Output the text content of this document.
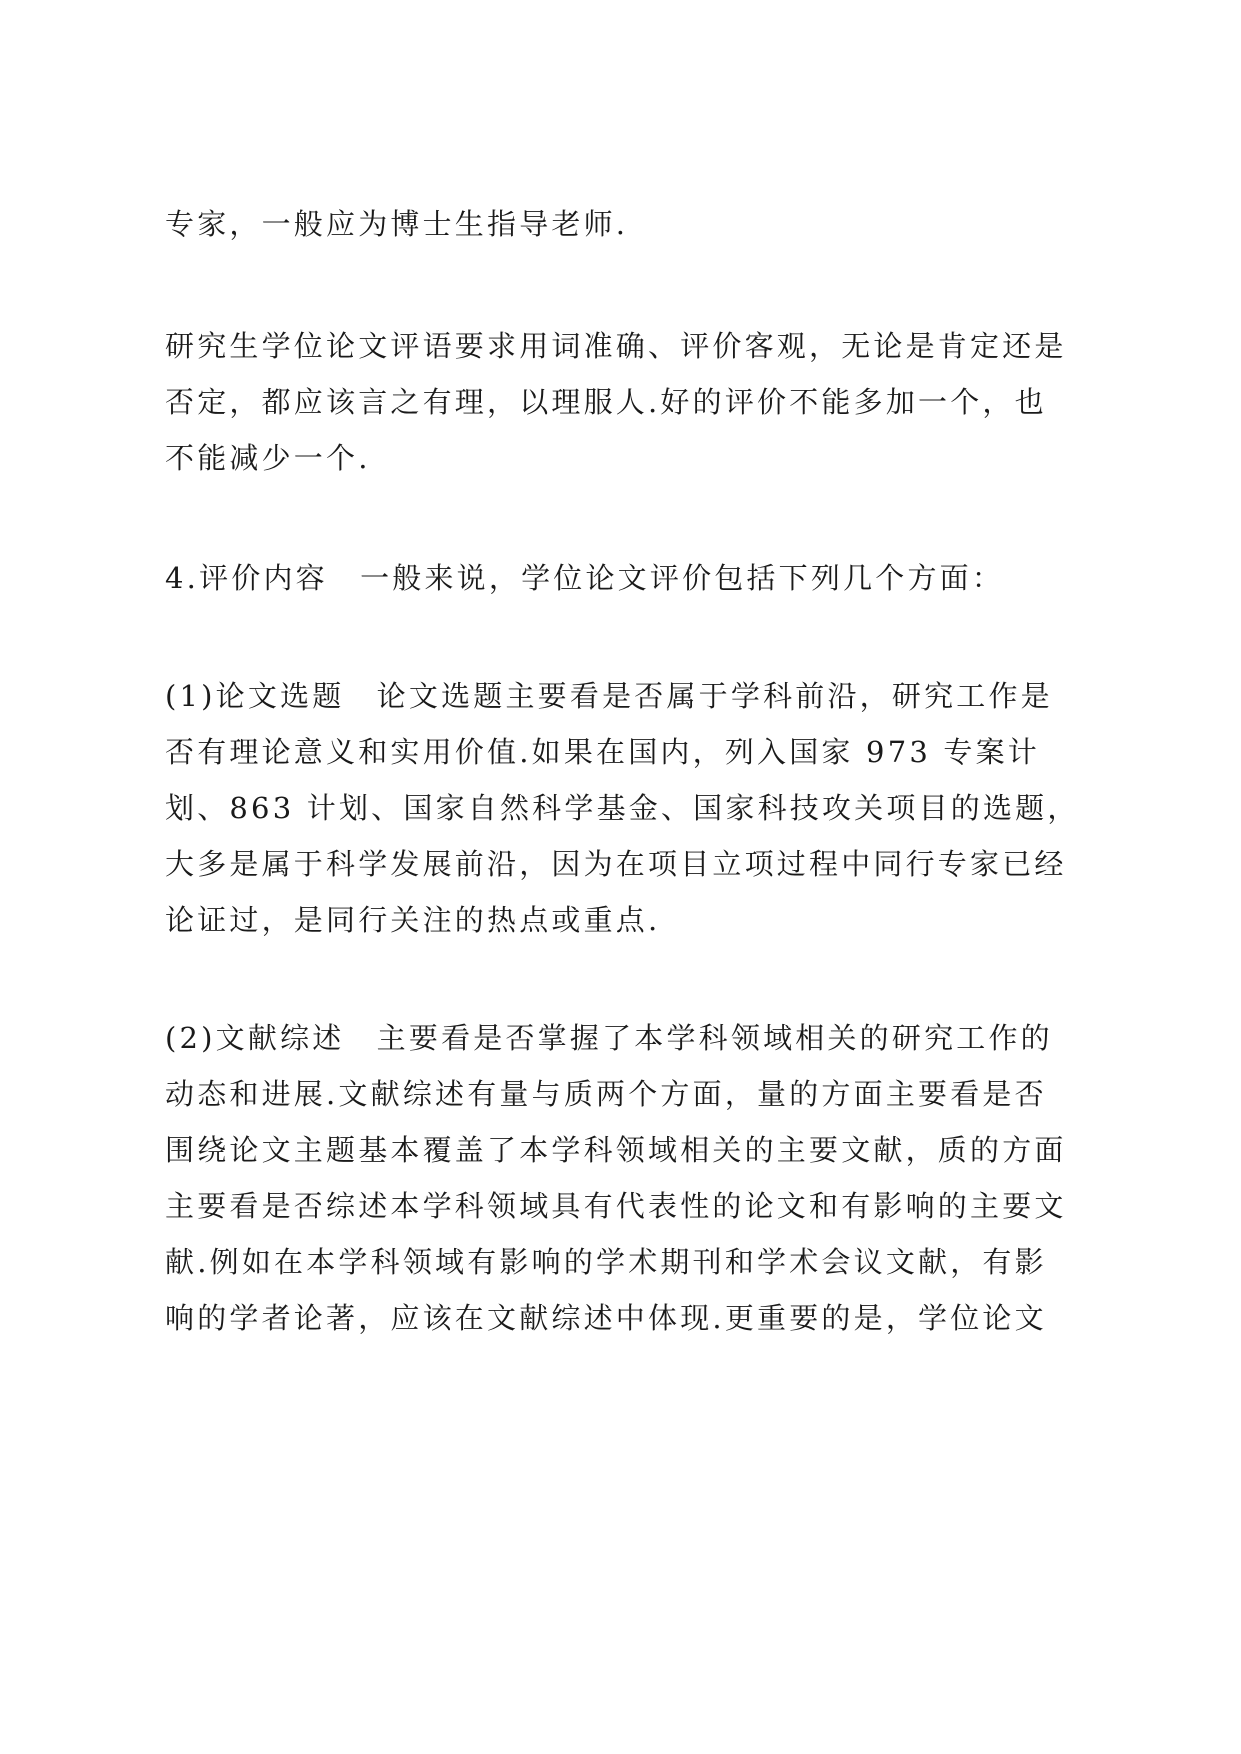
专家，一般应为博士生指导老师.

研究生学位论文评语要求用词准确、评价客观，无论是肯定还是
否定，都应该言之有理，以理服人.好的评价不能多加一个，也
不能减少一个.

4.评价内容　一般来说，学位论文评价包括下列几个方面：

(1)论文选题　论文选题主要看是否属于学科前沿，研究工作是
否有理论意义和实用价值.如果在国内，列入国家 973 专案计
划、863 计划、国家自然科学基金、国家科技攻关项目的选题，
大多是属于科学发展前沿，因为在项目立项过程中同行专家已经
论证过，是同行关注的热点或重点.

(2)文献综述　主要看是否掌握了本学科领域相关的研究工作的
动态和进展.文献综述有量与质两个方面，量的方面主要看是否
围绕论文主题基本覆盖了本学科领域相关的主要文献，质的方面
主要看是否综述本学科领域具有代表性的论文和有影响的主要文
献.例如在本学科领域有影响的学术期刊和学术会议文献，有影
响的学者论著，应该在文献综述中体现.更重要的是，学位论文
